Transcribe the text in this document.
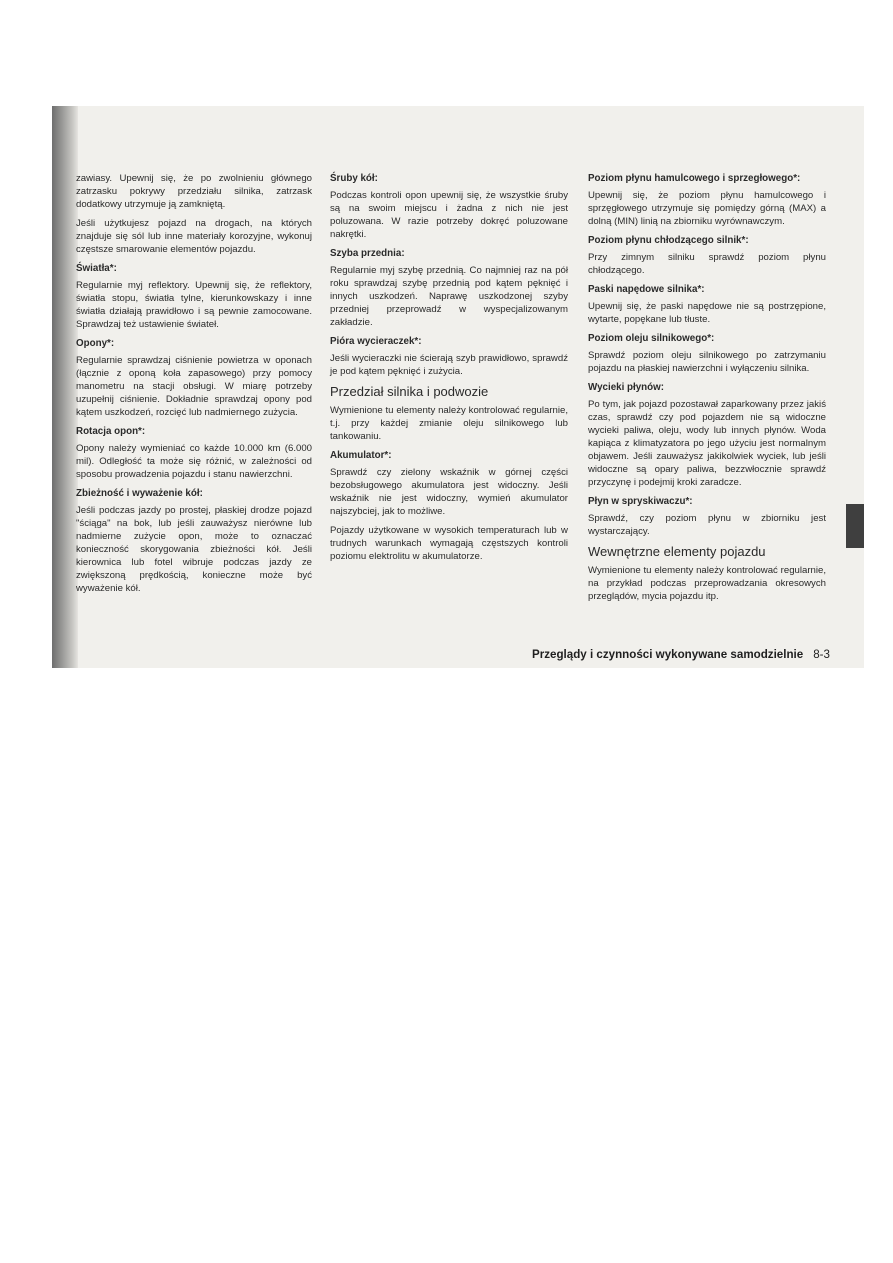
zawiasy. Upewnij się, że po zwolnieniu głównego zatrzasku pokrywy przedziału silnika, zatrzask dodatkowy utrzymuje ją zamkniętą.

Jeśli użytkujesz pojazd na drogach, na których znajduje się sól lub inne materiały korozyjne, wykonuj częstsze smarowanie elementów pojazdu.

Światła*:

Regularnie myj reflektory. Upewnij się, że reflektory, światła stopu, światła tylne, kierunkowskazy i inne światła działają prawidłowo i są pewnie zamocowane. Sprawdzaj też ustawienie świateł.

Opony*:

Regularnie sprawdzaj ciśnienie powietrza w oponach (łącznie z oponą koła zapasowego) przy pomocy manometru na stacji obsługi. W miarę potrzeby uzupełnij ciśnienie. Dokładnie sprawdzaj opony pod kątem uszkodzeń, rozcięć lub nadmiernego zużycia.

Rotacja opon*:

Opony należy wymieniać co każde 10.000 km (6.000 mil). Odległość ta może się różnić, w zależności od sposobu prowadzenia pojazdu i stanu nawierzchni.

Zbieżność i wyważenie kół:

Jeśli podczas jazdy po prostej, płaskiej drodze pojazd "ściąga" na bok, lub jeśli zauważysz nierówne lub nadmierne zużycie opon, może to oznaczać konieczność skorygowania zbieżności kół. Jeśli kierownica lub fotel wibruje podczas jazdy ze zwiększoną prędkością, konieczne może być wyważenie kół.

Śruby kół:

Podczas kontroli opon upewnij się, że wszystkie śruby są na swoim miejscu i żadna z nich nie jest poluzowana. W razie potrzeby dokręć poluzowane nakrętki.

Szyba przednia:

Regularnie myj szybę przednią. Co najmniej raz na pół roku sprawdzaj szybę przednią pod kątem pęknięć i innych uszkodzeń. Naprawę uszkodzonej szyby przedniej przeprowadź w wyspecjalizowanym zakładzie.

Pióra wycieraczek*:

Jeśli wycieraczki nie ścierają szyb prawidłowo, sprawdź je pod kątem pęknięć i zużycia.

Przedział silnika i podwozie

Wymienione tu elementy należy kontrolować regularnie, t.j. przy każdej zmianie oleju silnikowego lub tankowaniu.

Akumulator*:

Sprawdź czy zielony wskaźnik w górnej części bezobsługowego akumulatora jest widoczny. Jeśli wskaźnik nie jest widoczny, wymień akumulator najszybciej, jak to możliwe.

Pojazdy użytkowane w wysokich temperaturach lub w trudnych warunkach wymagają częstszych kontroli poziomu elektrolitu w akumulatorze.

Poziom płynu hamulcowego i sprzegłowego*:

Upewnij się, że poziom płynu hamulcowego i sprzęgłowego utrzymuje się pomiędzy górną (MAX) a dolną (MIN) linią na zbiorniku wyrównawczym.

Poziom płynu chłodzącego silnik*:

Przy zimnym silniku sprawdź poziom płynu chłodzącego.

Paski napędowe silnika*:

Upewnij się, że paski napędowe nie są postrzępione, wytarte, popękane lub tłuste.

Poziom oleju silnikowego*:

Sprawdź poziom oleju silnikowego po zatrzymaniu pojazdu na płaskiej nawierzchni i wyłączeniu silnika.

Wycieki płynów:

Po tym, jak pojazd pozostawał zaparkowany przez jakiś czas, sprawdź czy pod pojazdem nie są widoczne wycieki paliwa, oleju, wody lub innych płynów. Woda kapiąca z klimatyzatora po jego użyciu jest normalnym objawem. Jeśli zauważysz jakikolwiek wyciek, lub jeśli widoczne są opary paliwa, bezzwłocznie sprawdź przyczynę i podejmij kroki zaradcze.

Płyn w spryskiwaczu*:

Sprawdź, czy poziom płynu w zbiorniku jest wystarczający.

Wewnętrzne elementy pojazdu

Wymienione tu elementy należy kontrolować regularnie, na przykład podczas przeprowadzania okresowych przeglądów, mycia pojazdu itp.

Przeglądy i czynności wykonywane samodzielnie 8-3
